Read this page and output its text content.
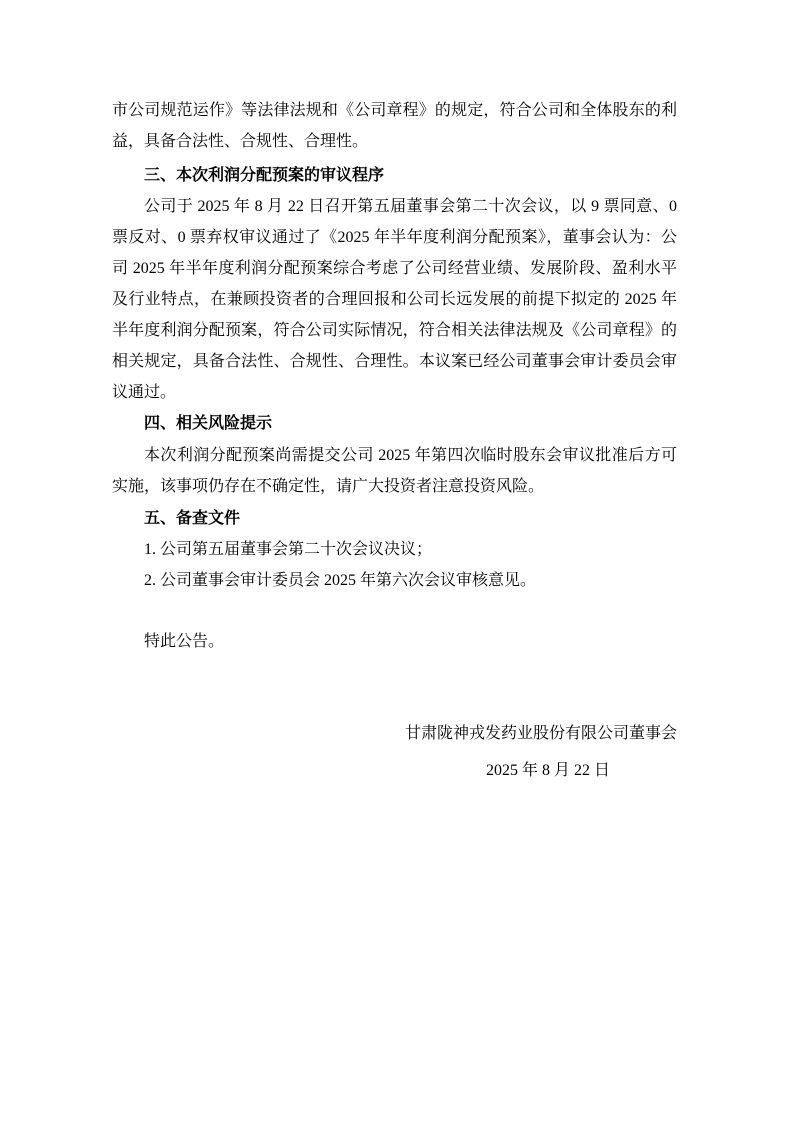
市公司规范运作》等法律法规和《公司章程》的规定，符合公司和全体股东的利
益，具备合法性、合规性、合理性。
三、本次利润分配预案的审议程序
公司于 2025 年 8 月 22 日召开第五届董事会第二十次会议，以 9 票同意、0
票反对、0 票弃权审议通过了《2025 年半年度利润分配预案》，董事会认为：公
司 2025 年半年度利润分配预案综合考虑了公司经营业绩、发展阶段、盈利水平
及行业特点，在兼顾投资者的合理回报和公司长远发展的前提下拟定的 2025 年
半年度利润分配预案，符合公司实际情况，符合相关法律法规及《公司章程》的
相关规定，具备合法性、合规性、合理性。本议案已经公司董事会审计委员会审
议通过。
四、相关风险提示
本次利润分配预案尚需提交公司 2025 年第四次临时股东会审议批准后方可
实施，该事项仍存在不确定性，请广大投资者注意投资风险。
五、备查文件
1. 公司第五届董事会第二十次会议决议；
2. 公司董事会审计委员会 2025 年第六次会议审核意见。
特此公告。
甘肃陇神戎发药业股份有限公司董事会
2025 年 8 月 22 日
